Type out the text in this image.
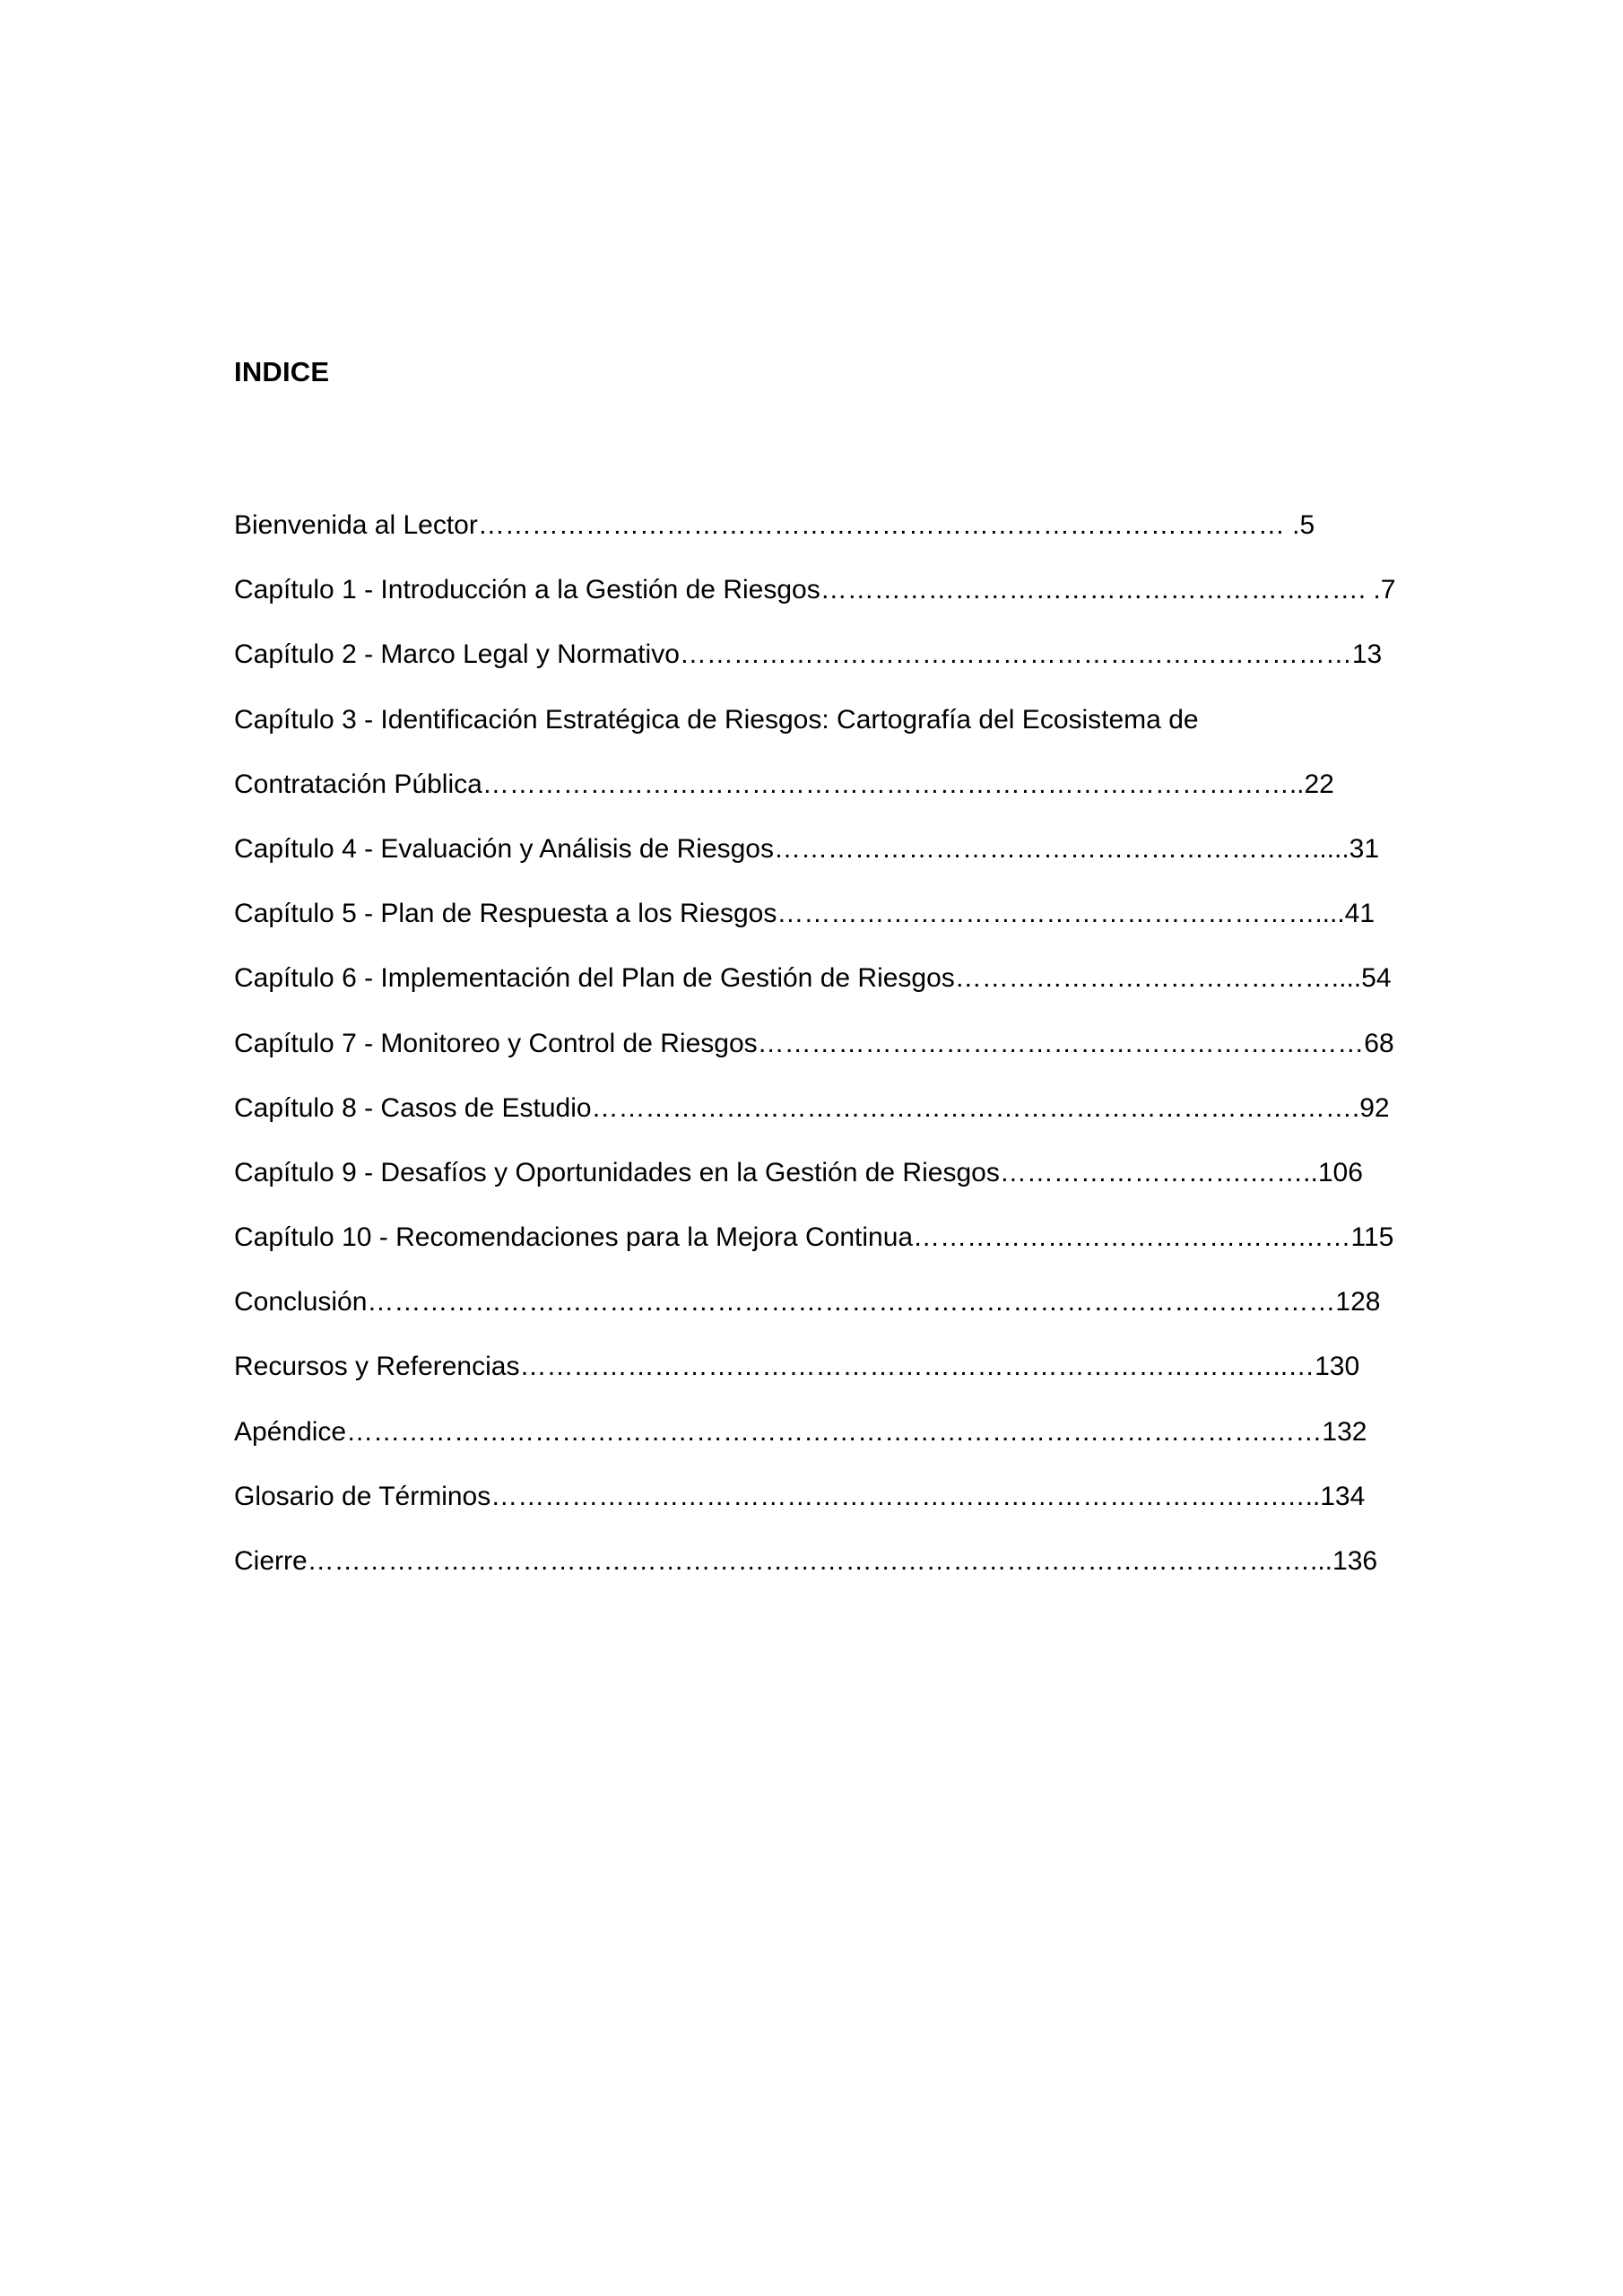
INDICE
Bienvenida al Lector……………………………………………………………………………… .5
Capítulo 1 - Introducción a la Gestión de Riesgos……………………………………………………. .7
Capítulo 2 - Marco Legal y Normativo…………………………………………………………………13
Capítulo 3 - Identificación Estratégica de Riesgos: Cartografía del Ecosistema de
Contratación Pública………………………………………………………………………………..22
Capítulo 4 - Evaluación y Análisis de Riesgos…………………………………………………….....31
Capítulo 5 - Plan de Respuesta a los Riesgos……………………………………………………....41
Capítulo 6 - Implementación del Plan de Gestión de Riesgos……………………………………....54
Capítulo 7 - Monitoreo y Control de Riesgos……………………………………………………..……68
Capítulo 8 - Casos de Estudio…………………………………………………………………….…….92
Capítulo 9 - Desafíos y Oportunidades en la Gestión de Riesgos……………………….……..106
Capítulo 10 - Recomendaciones para la Mejora Continua…………………………………….……115
Conclusión………………………………………………………………………………………………128
Recursos y Referencias…………………………………………………………………………..…130
Apéndice………………………………………………………………………………………….……132
Glosario de Términos…………………………………………………………………………….…..134
Cierre……………………………………………………………………………………………….…...136
